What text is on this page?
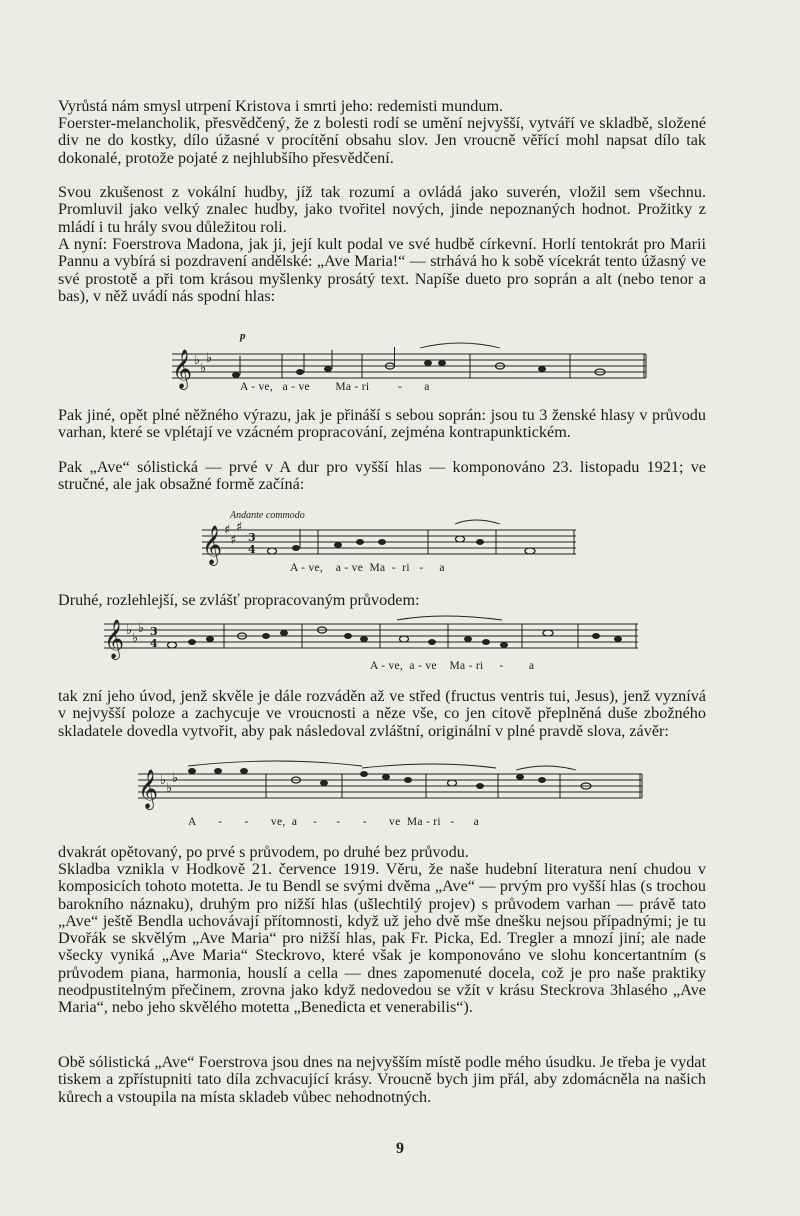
Vyrůstá nám smysl utrpení Kristova i smrti jeho: redemisti mundum.

Foerster-melancholik, přesvědčený, že z bolesti rodí se umění nejvyšší, vytváří ve skladbě, složené div ne do kostky, dílo úžasné v procítění obsahu slov. Jen vroucně věřící mohl napsat dílo tak dokonalé, protože pojaté z nejhlubšího přesvědčení.

Svou zkušenost z vokální hudby, jíž tak rozumí a ovládá jako suverén, vložil sem všechnu. Promluvil jako velký znalec hudby, jako tvořitel nových, jinde nepoznaných hodnot. Prožitky z mládí i tu hrály svou důležitou roli.

A nyní: Foerstrova Madona, jak ji, její kult podal ve své hudbě církevní. Horlí tentokrát pro Marii Pannu a vybírá si pozdravení andělské: „Ave Maria!“ — strhává ho k sobě vícekrát tento úžasný ve své prostotě a při tom krásou myšlenky prosátý text. Napíše dueto pro soprán a alt (nebo tenor a bas), v něž uvádí nás spodní hlas:

𝄞 ♭
♭
♭
p
A - ve,   a - ve        Ma - ri         -       a

Pak jiné, opět plné něžného výrazu, jak je přináší s sebou soprán: jsou tu 3 ženské hlasy v průvodu varhan, které se vplétají ve vzácném propracování, zejména kontrapunktickém.

Pak „Ave“ sólistická — prvé v A dur pro vyšší hlas — komponováno 23. listopadu 1921; ve stručné, ale jak obsažné formě začíná:

Andante commodo
𝄞 ♯
♯
♯
3
4
A - ve,    a - ve  Ma  -  ri   -     a

Druhé, rozlehlejší, se zvlášť propracovaným průvodem:

𝄞 ♭
♭
♭ 3
4
A - ve,  a - ve    Ma - ri     -        a

tak zní jeho úvod, jenž skvěle je dále rozváděn až ve střed (fructus ventris tui, Jesus), jenž vyznívá v nejvyšší poloze a zachycuje ve vroucnosti a něze vše, co jen citově přeplněná duše zbožného skladatele dovedla vytvořit, aby pak následoval zvláštní, originální v plné pravdě slova, závěr:

𝄞 ♭
♭
♭
A       -       -       ve,  a     -      -       -       ve  Ma - ri   -      a

dvakrát opětovaný, po prvé s průvodem, po druhé bez průvodu.

Skladba vznikla v Hodkově 21. července 1919. Věru, že naše hudební literatura není chudou v komposicích tohoto motetta. Je tu Bendl se svými dvěma „Ave“ — prvým pro vyšší hlas (s trochou barokního náznaku), druhým pro nižší hlas (ušlechtilý projev) s průvodem varhan — právě tato „Ave“ ještě Bendla uchovávají přítomnosti, když už jeho dvě mše dnešku nejsou případnými; je tu Dvořák se skvělým „Ave Maria“ pro nižší hlas, pak Fr. Picka, Ed. Tregler a mnozí jiní; ale nade všecky vyniká „Ave Maria“ Steckrovo, které však je komponováno ve slohu koncertantním (s průvodem piana, harmonia, houslí a cella — dnes zapomenuté docela, což je pro naše praktiky neodpustitelným přečinem, zrovna jako když nedovedou se vžít v krásu Steckrova 3hlasého „Ave Maria“, nebo jeho skvělého motetta „Benedicta et venerabilis“).

Obě sólistická „Ave“ Foerstrova jsou dnes na nejvyšším místě podle mého úsudku. Je třeba je vydat tiskem a zpřístupniti tato díla zchvacující krásy. Vroucně bych jim přál, aby zdomácněla na našich kůrech a vstoupila na místa skladeb vůbec nehodnotných.

9
